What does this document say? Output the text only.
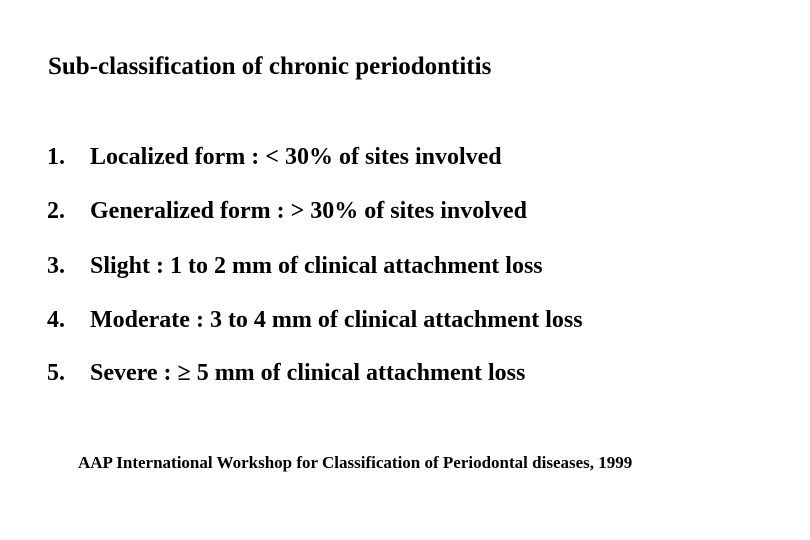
Sub-classification of chronic periodontitis
1. Localized form : < 30% of sites involved
2. Generalized form : > 30% of sites involved
3. Slight : 1 to 2 mm of clinical attachment loss
4. Moderate : 3 to 4 mm of clinical attachment loss
5. Severe : ≥ 5 mm of clinical attachment loss
AAP International Workshop for Classification of Periodontal diseases, 1999
